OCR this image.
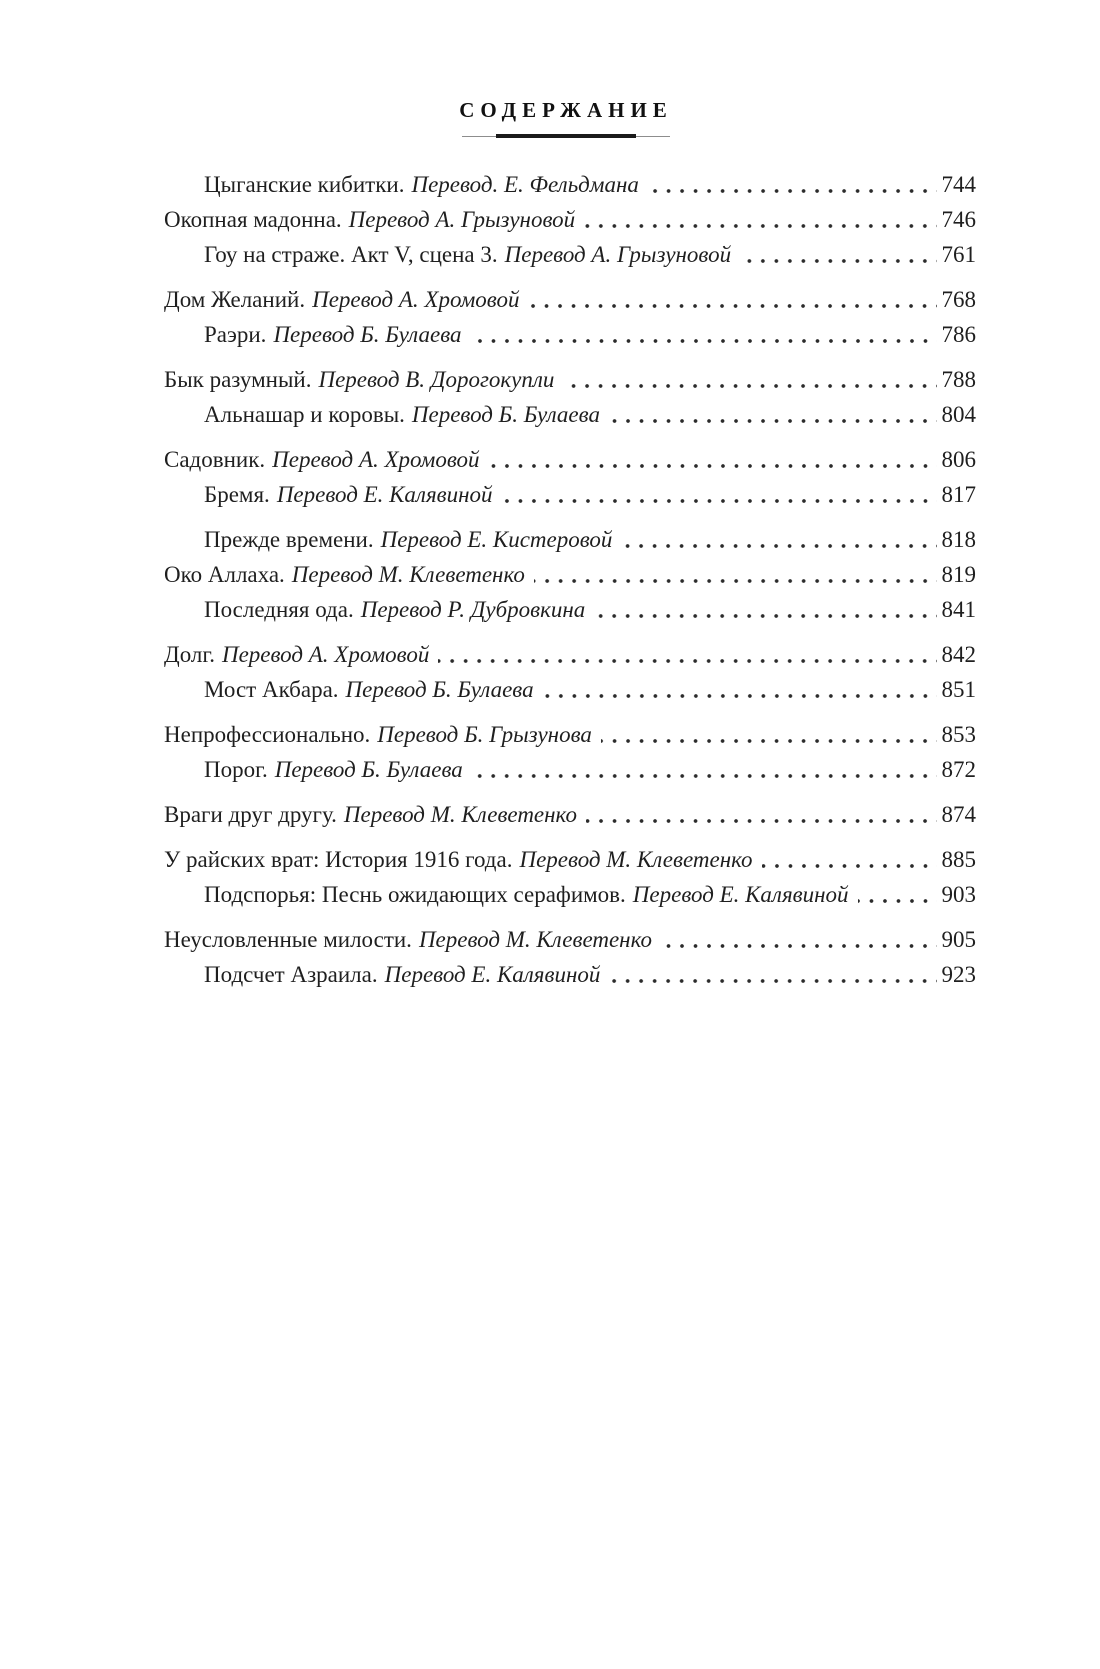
СОДЕРЖАНИЕ
Цыганские кибитки. Перевод. Е. Фельдмана	744
Окопная мадонна. Перевод А. Грызуновой	746
Гоу на страже. Акт V, сцена 3. Перевод А. Грызуновой	761
Дом Желаний. Перевод А. Хромовой	768
Раэри. Перевод Б. Булаева	786
Бык разумный. Перевод В. Дорогокупли	788
Альнашар и коровы. Перевод Б. Булаева	804
Садовник. Перевод А. Хромовой	806
Бремя. Перевод Е. Калявиной	817
Прежде времени. Перевод Е. Кистеровой	818
Око Аллаха. Перевод М. Клеветенко	819
Последняя ода. Перевод Р. Дубровкина	841
Долг. Перевод А. Хромовой	842
Мост Акбара. Перевод Б. Булаева	851
Непрофессионально. Перевод Б. Грызунова	853
Порог. Перевод Б. Булаева	872
Враги друг другу. Перевод М. Клеветенко	874
У райских врат: История 1916 года. Перевод М. Клеветенко	885
Подспорья: Песнь ожидающих серафимов. Перевод Е. Калявиной	903
Неусловленные милости. Перевод М. Клеветенко	905
Подсчет Азраила. Перевод Е. Калявиной	923
